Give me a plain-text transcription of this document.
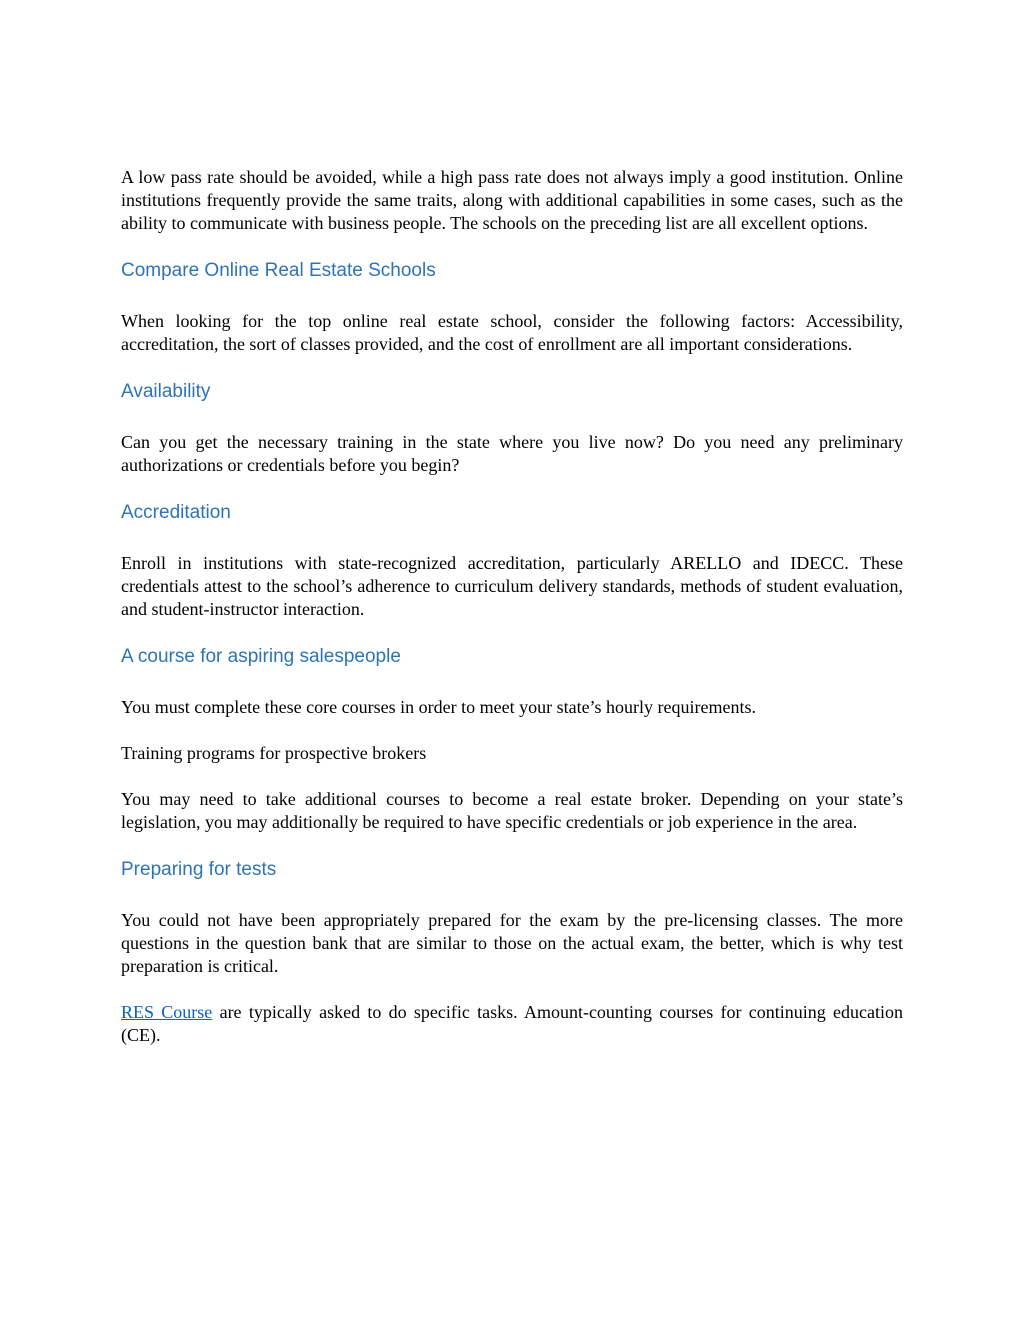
A low pass rate should be avoided, while a high pass rate does not always imply a good institution. Online institutions frequently provide the same traits, along with additional capabilities in some cases, such as the ability to communicate with business people. The schools on the preceding list are all excellent options.

Compare Online Real Estate Schools

When looking for the top online real estate school, consider the following factors: Accessibility, accreditation, the sort of classes provided, and the cost of enrollment are all important considerations.

Availability

Can you get the necessary training in the state where you live now? Do you need any preliminary authorizations or credentials before you begin?

Accreditation

Enroll in institutions with state-recognized accreditation, particularly ARELLO and IDECC. These credentials attest to the school’s adherence to curriculum delivery standards, methods of student evaluation, and student-instructor interaction.

A course for aspiring salespeople

You must complete these core courses in order to meet your state’s hourly requirements.

Training programs for prospective brokers

You may need to take additional courses to become a real estate broker. Depending on your state’s legislation, you may additionally be required to have specific credentials or job experience in the area.

Preparing for tests

You could not have been appropriately prepared for the exam by the pre-licensing classes. The more questions in the question bank that are similar to those on the actual exam, the better, which is why test preparation is critical.

RES Course are typically asked to do specific tasks. Amount-counting courses for continuing education (CE).
